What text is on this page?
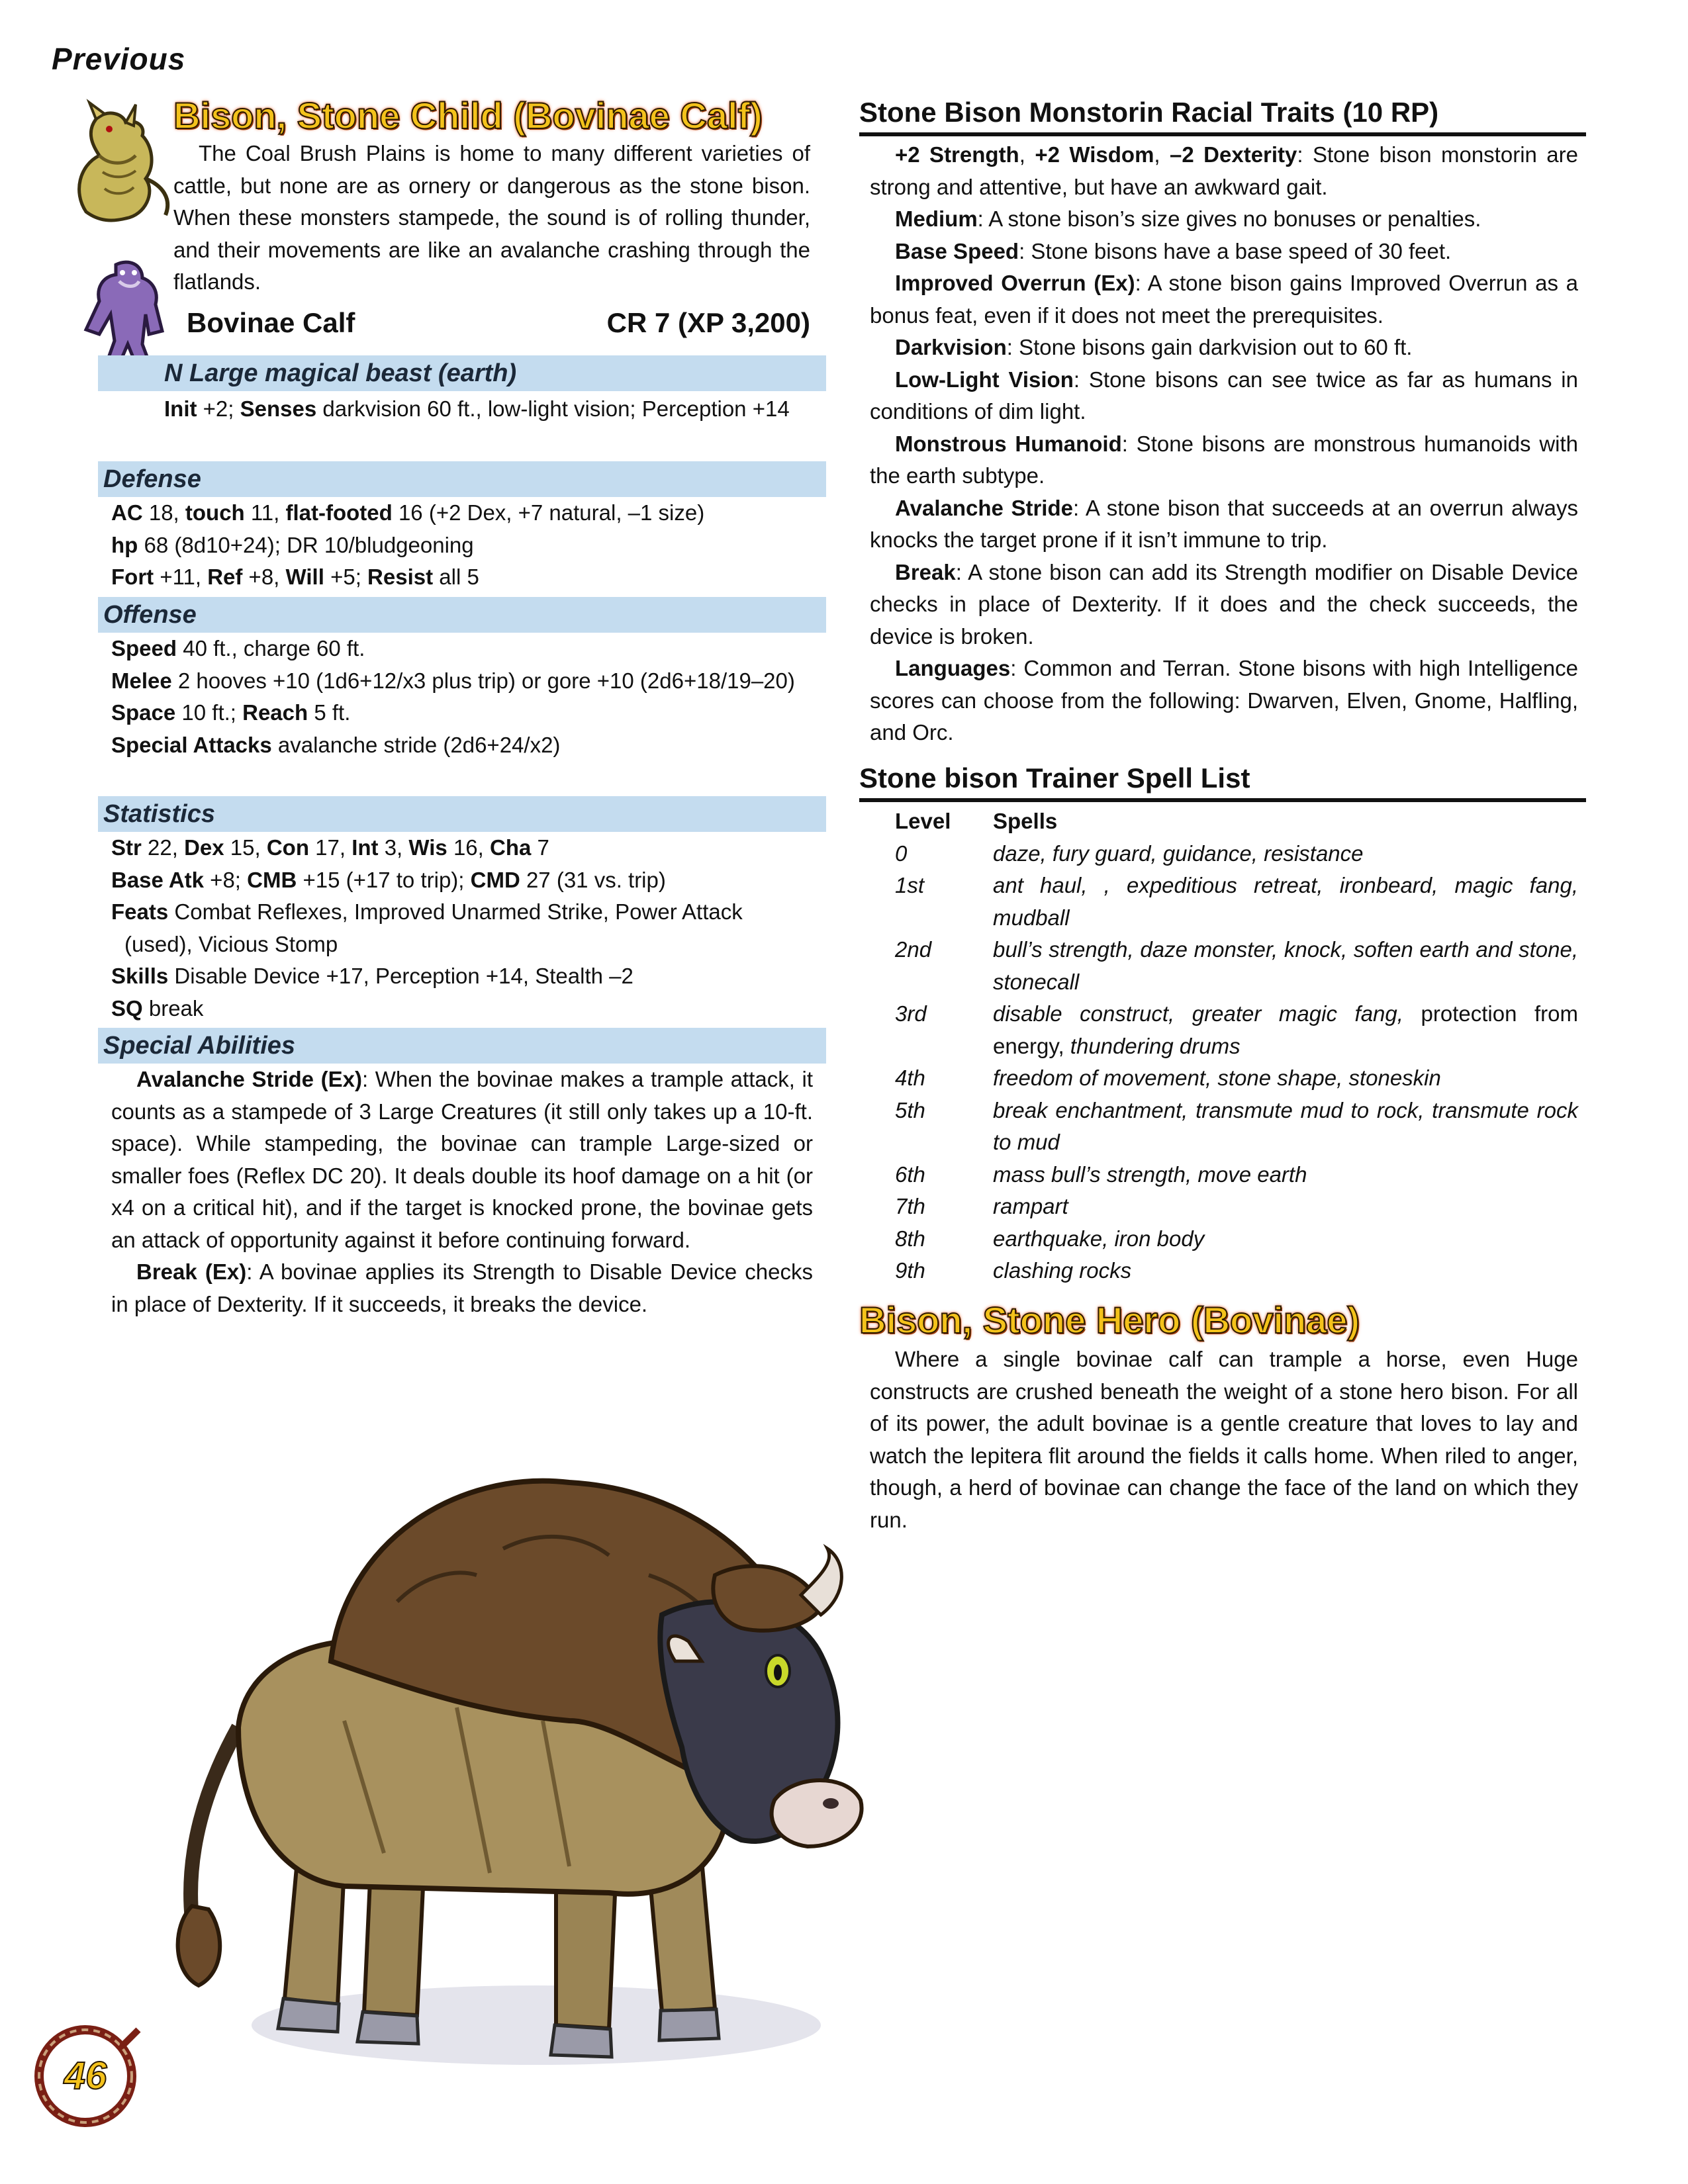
Previous
Bison, Stone Child (Bovinae Calf)

The Coal Brush Plains is home to many different varieties of cattle, but none are as ornery or dangerous as the stone bison. When these monsters stampede, the sound is of rolling thunder, and their movements are like an avalanche crashing through the flatlands.

Bovinae Calf	CR 7 (XP 3,200)
N Large magical beast (earth)
Init +2; Senses darkvision 60 ft., low-light vision; Perception +14
Defense
AC 18, touch 11, flat-footed 16 (+2 Dex, +7 natural, –1 size)
hp 68 (8d10+24); DR 10/bludgeoning
Fort +11, Ref +8, Will +5; Resist all 5
Offense
Speed 40 ft., charge 60 ft.
Melee 2 hooves +10 (1d6+12/x3 plus trip) or gore +10 (2d6+18/19–20)
Space 10 ft.; Reach 5 ft.
Special Attacks avalanche stride (2d6+24/x2)
Statistics
Str 22, Dex 15, Con 17, Int 3, Wis 16, Cha 7
Base Atk +8; CMB +15 (+17 to trip); CMD 27 (31 vs. trip)
Feats Combat Reflexes, Improved Unarmed Strike, Power Attack (used), Vicious Stomp
Skills Disable Device +17, Perception +14, Stealth –2
SQ break
Special Abilities

Avalanche Stride (Ex): When the bovinae makes a trample attack, it counts as a stampede of 3 Large Creatures (it still only takes up a 10-ft. space). While stampeding, the bovinae can trample Large-sized or smaller foes (Reflex DC 20). It deals double its hoof damage on a hit (or x4 on a critical hit), and if the target is knocked prone, the bovinae gets an attack of opportunity against it before continuing forward.

Break (Ex): A bovinae applies its Strength to Disable Device checks in place of Dexterity. If it succeeds, it breaks the device.

Stone Bison Monstorin Racial Traits (10 RP)

+2 Strength, +2 Wisdom, –2 Dexterity: Stone bison monstorin are strong and attentive, but have an awkward gait.

Medium: A stone bison’s size gives no bonuses or penalties.

Base Speed: Stone bisons have a base speed of 30 feet.

Improved Overrun (Ex): A stone bison gains Improved Overrun as a bonus feat, even if it does not meet the prerequisites.

Darkvision: Stone bisons gain darkvision out to 60 ft.

Low-Light Vision: Stone bisons can see twice as far as humans in conditions of dim light.

Monstrous Humanoid: Stone bisons are monstrous humanoids with the earth subtype.

Avalanche Stride: A stone bison that succeeds at an overrun always knocks the target prone if it isn’t immune to trip.

Break: A stone bison can add its Strength modifier on Disable Device checks in place of Dexterity. If it does and the check succeeds, the device is broken.

Languages: Common and Terran. Stone bisons with high Intelligence scores can choose from the following: Dwarven, Elven, Gnome, Halfling, and Orc.

Stone bison Trainer Spell List
Level	Spells
0	daze, fury guard, guidance, resistance
1st	ant haul, , expeditious retreat, ironbeard, magic fang, mudball
2nd	bull’s strength, daze monster, knock, soften earth and stone, stonecall
3rd	disable construct, greater magic fang, protection from energy, thundering drums
4th	freedom of movement, stone shape, stoneskin
5th	break enchantment, transmute mud to rock, transmute rock to mud
6th	mass bull’s strength, move earth
7th	rampart
8th	earthquake, iron body
9th	clashing rocks
Bison, Stone Hero (Bovinae)

Where a single bovinae calf can trample a horse, even Huge constructs are crushed beneath the weight of a stone hero bison. For all of its power, the adult bovinae is a gentle creature that loves to lay and watch the lepitera flit around the fields it calls home. When riled to anger, though, a herd of bovinae can change the face of the land on which they run.

46
